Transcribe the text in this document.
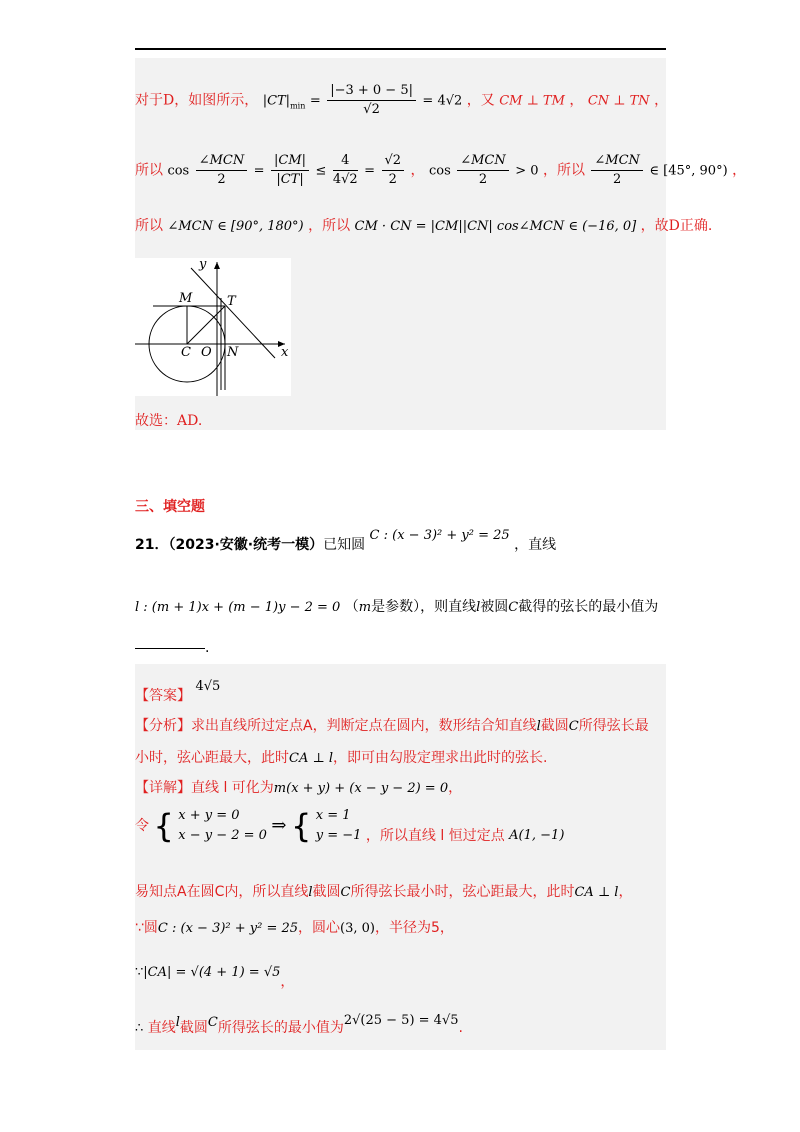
对于D，如图所示， $|CT|_{min} = \frac{|-3 + 0 - 5|}{√2} = 4√2$ ，又 CM ⊥ TM ， CN ⊥ TN ，
所以 $\cos \frac{\text{∠MCN}}{2} = \frac{|CM|}{|CT|} \le \frac{4}{4√2} = \frac{√2}{2}$ ， $\cos \frac{\text{∠MCN}}{2} > 0$ ，所以 $\frac{\text{∠MCN}}{2}$ ∈ [45°, 90°) ，
所以 ∠MCN ∈ [90°, 180°) ，所以 CM · CN = |CM||CN| cos∠MCN ∈ (−16, 0] ，故D正确.
y
x
M	T
C O N
故选：AD.
三、填空题
21．（2023·安徽·统考一模）已知圆 C : (x − 3)² + y² = 25 ，直线
l : (m + 1)x + (m − 1)y − 2 = 0 （m是参数），则直线l被圆C截得的弦长的最小值为
.
【答案】 4√5
【分析】求出直线所过定点A，判断定点在圆内，数形结合知直线l截圆C所得弦长最
小时，弦心距最大，此时CA ⊥ l，即可由勾股定理求出此时的弦长.
【详解】直线 l 可化为m(x + y) + (x − y − 2) = 0，
令 { x + y = 0
x − y − 2 = 0 ⇒ { x = 1
y = −1 ，所以直线 l 恒过定点 A(1, −1)
易知点A在圆C内，所以直线l截圆C所得弦长最小时，弦心距最大，此时CA ⊥ l，
∵圆C : (x − 3)² + y² = 25，圆心(3, 0)，半径为5，
∵|CA| = √(4 + 1) = √5，
∴ 直线l截圆C所得弦长的最小值为2√(25 − 5) = 4√5.
